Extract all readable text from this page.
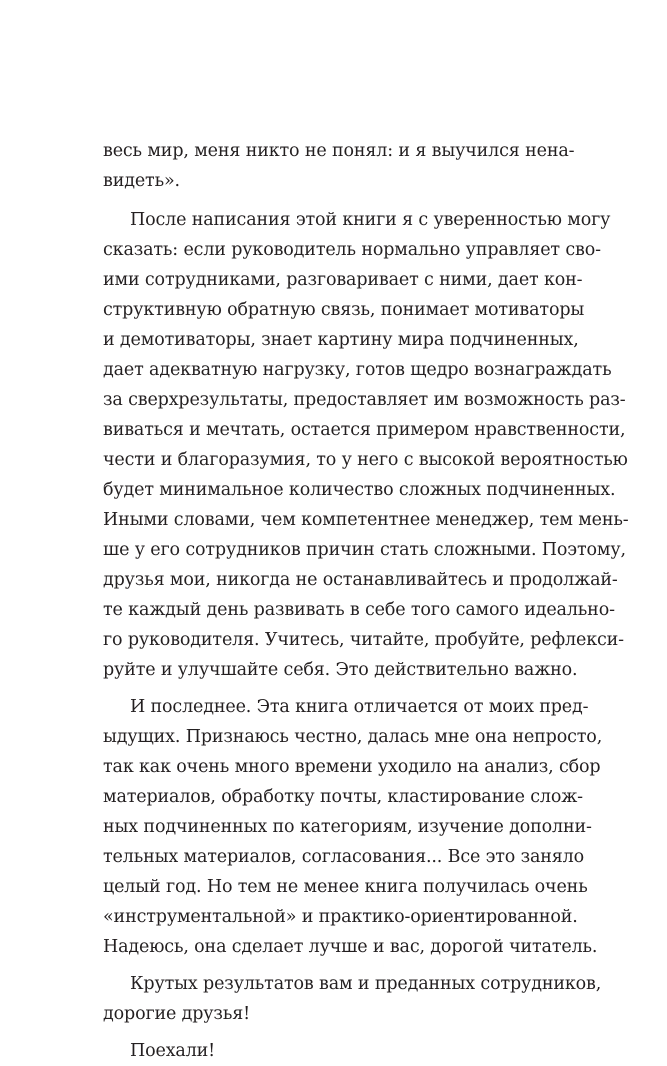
весь мир, меня никто не понял: и я выучился нена-
видеть».
После написания этой книги я с уверенностью могу
сказать: если руководитель нормально управляет сво-
ими сотрудниками, разговаривает с ними, дает кон-
структивную обратную связь, понимает мотиваторы
и демотиваторы, знает картину мира подчиненных,
дает адекватную нагрузку, готов щедро вознаграждать
за сверхрезультаты, предоставляет им возможность раз-
виваться и мечтать, остается примером нравственности,
чести и благоразумия, то у него с высокой вероятностью
будет минимальное количество сложных подчиненных.
Иными словами, чем компетентнее менеджер, тем мень-
ше у его сотрудников причин стать сложными. Поэтому,
друзья мои, никогда не останавливайтесь и продолжай-
те каждый день развивать в себе того самого идеально-
го руководителя. Учитесь, читайте, пробуйте, рефлекси-
руйте и улучшайте себя. Это действительно важно.
И последнее. Эта книга отличается от моих пред-
ыдущих. Признаюсь честно, далась мне она непросто,
так как очень много времени уходило на анализ, сбор
материалов, обработку почты, кластирование слож-
ных подчиненных по категориям, изучение дополни-
тельных материалов, согласования... Все это заняло
целый год. Но тем не менее книга получилась очень
«инструментальной» и практико-ориентированной.
Надеюсь, она сделает лучше и вас, дорогой читатель.
Крутых результатов вам и преданных сотрудников,
дорогие друзья!
Поехали!
